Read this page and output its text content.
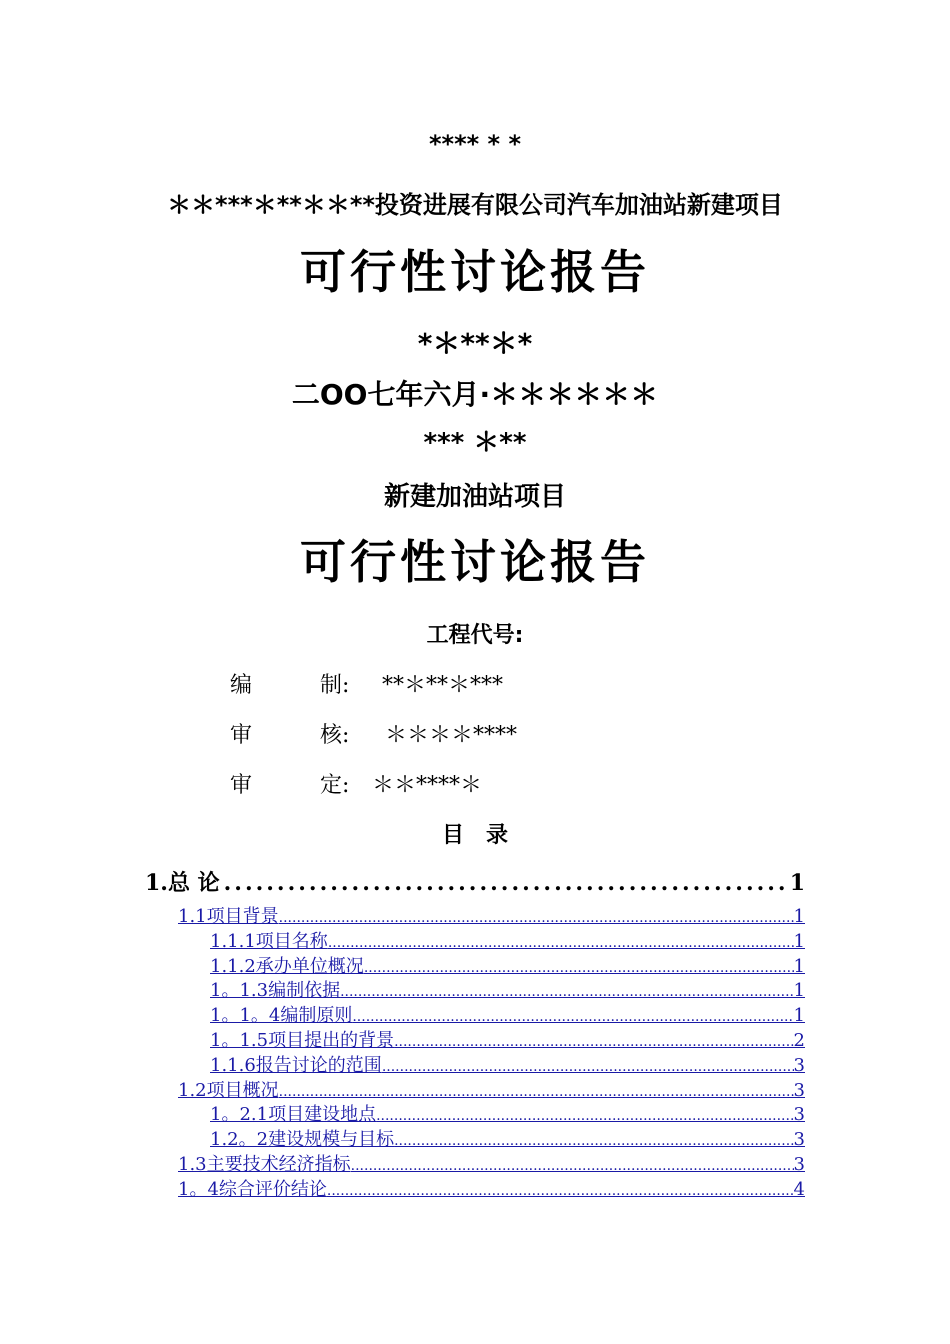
**** * *
＊＊***＊**＊＊**投资进展有限公司汽车加油站新建项目
可行性讨论报告
*＊**＊*
二OO七年六月·＊＊＊＊＊＊
*** ＊**
新建加油站项目
可行性讨论报告
工程代号:
编	制: **＊**＊***
审	核: ＊＊＊＊****
审	定: ＊＊****＊
目　录
1.总 论 .....	1
1.1项目背景 .....	1
1.1.1项目名称 .....	1
1.1.2承办单位概况 .....	1
1。1.3编制依据 .....	1
1。1。4编制原则 .....	1
1。1.5项目提出的背景 .....	2
1.1.6报告讨论的范围 .....	3
1.2项目概况 .....	3
1。2.1项目建设地点 .....	3
1.2。2建设规模与目标 .....	3
1.3主要技术经济指标 .....	3
1。4综合评价结论 .....	4
